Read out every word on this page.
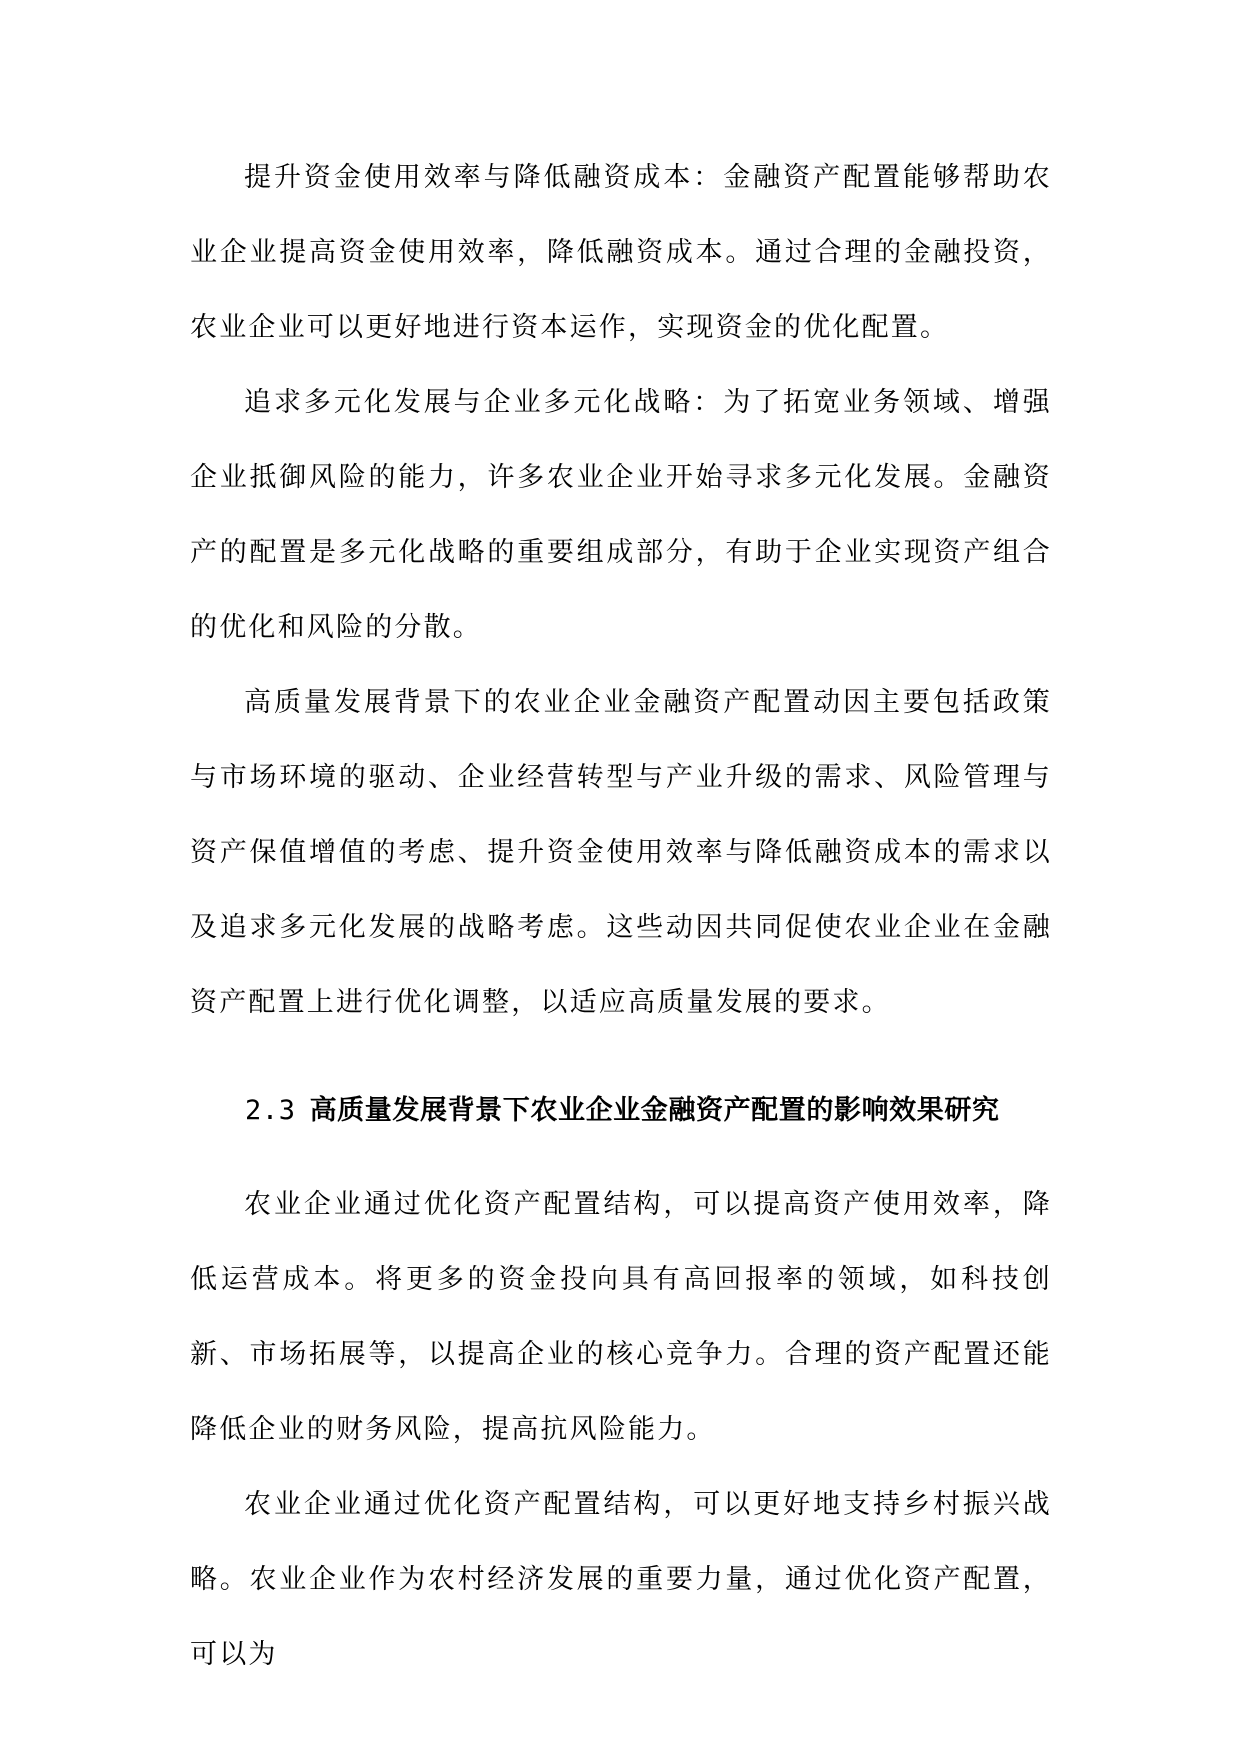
提升资金使用效率与降低融资成本：金融资产配置能够帮助农业企业提高资金使用效率，降低融资成本。通过合理的金融投资，农业企业可以更好地进行资本运作，实现资金的优化配置。

追求多元化发展与企业多元化战略：为了拓宽业务领域、增强企业抵御风险的能力，许多农业企业开始寻求多元化发展。金融资产的配置是多元化战略的重要组成部分，有助于企业实现资产组合的优化和风险的分散。

高质量发展背景下的农业企业金融资产配置动因主要包括政策与市场环境的驱动、企业经营转型与产业升级的需求、风险管理与资产保值增值的考虑、提升资金使用效率与降低融资成本的需求以及追求多元化发展的战略考虑。这些动因共同促使农业企业在金融资产配置上进行优化调整，以适应高质量发展的要求。

2.3 高质量发展背景下农业企业金融资产配置的影响效果研究

农业企业通过优化资产配置结构，可以提高资产使用效率，降低运营成本。将更多的资金投向具有高回报率的领域，如科技创新、市场拓展等，以提高企业的核心竞争力。合理的资产配置还能降低企业的财务风险，提高抗风险能力。

农业企业通过优化资产配置结构，可以更好地支持乡村振兴战略。农业企业作为农村经济发展的重要力量，通过优化资产配置，可以为
